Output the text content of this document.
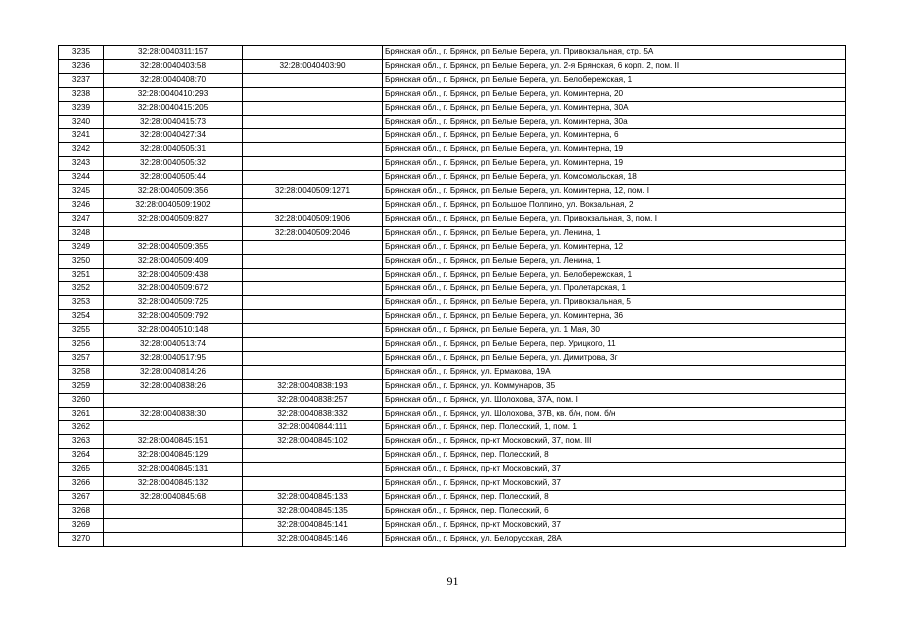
3235	32:28:0040311:157		Брянская обл., г. Брянск, рп Белые Берега, ул. Привокзальная, стр. 5А
3236	32:28:0040403:58	32:28:0040403:90	Брянская обл., г. Брянск, рп Белые Берега, ул. 2-я Брянская, 6 корп. 2, пом. II
3237	32:28:0040408:70		Брянская обл., г. Брянск, рп Белые Берега, ул. Белобережская, 1
3238	32:28:0040410:293		Брянская обл., г. Брянск, рп Белые Берега, ул. Коминтерна, 20
3239	32:28:0040415:205		Брянская обл., г. Брянск, рп Белые Берега, ул. Коминтерна, 30А
3240	32:28:0040415:73		Брянская обл., г. Брянск, рп Белые Берега, ул. Коминтерна, 30а
3241	32:28:0040427:34		Брянская обл., г. Брянск, рп Белые Берега, ул. Коминтерна, 6
3242	32:28:0040505:31		Брянская обл., г. Брянск, рп Белые Берега, ул. Коминтерна, 19
3243	32:28:0040505:32		Брянская обл., г. Брянск, рп Белые Берега, ул. Коминтерна, 19
3244	32:28:0040505:44		Брянская обл., г. Брянск, рп Белые Берега, ул. Комсомольская, 18
3245	32:28:0040509:356	32:28:0040509:1271	Брянская обл., г. Брянск, рп Белые Берега, ул. Коминтерна, 12, пом. I
3246	32:28:0040509:1902		Брянская обл., г. Брянск, рп Большое Полпино, ул. Вокзальная, 2
3247	32:28:0040509:827	32:28:0040509:1906	Брянская обл., г. Брянск, рп Белые Берега, ул. Привокзальная, 3, пом. I
3248		32:28:0040509:2046	Брянская обл., г. Брянск, рп Белые Берега, ул. Ленина, 1
3249	32:28:0040509:355		Брянская обл., г. Брянск, рп Белые Берега, ул. Коминтерна, 12
3250	32:28:0040509:409		Брянская обл., г. Брянск, рп Белые Берега, ул. Ленина, 1
3251	32:28:0040509:438		Брянская обл., г. Брянск, рп Белые Берега, ул. Белобережская, 1
3252	32:28:0040509:672		Брянская обл., г. Брянск, рп Белые Берега, ул. Пролетарская, 1
3253	32:28:0040509:725		Брянская обл., г. Брянск, рп Белые Берега, ул. Привокзальная, 5
3254	32:28:0040509:792		Брянская обл., г. Брянск, рп Белые Берега, ул. Коминтерна, 36
3255	32:28:0040510:148		Брянская обл., г. Брянск, рп Белые Берега, ул. 1 Мая, 30
3256	32:28:0040513:74		Брянская обл., г. Брянск, рп Белые Берега, пер. Урицкого, 11
3257	32:28:0040517:95		Брянская обл., г. Брянск, рп Белые Берега, ул. Димитрова, 3г
3258	32:28:0040814:26		Брянская обл., г. Брянск, ул. Ермакова, 19А
3259	32:28:0040838:26	32:28:0040838:193	Брянская обл., г. Брянск, ул. Коммунаров, 35
3260		32:28:0040838:257	Брянская обл., г. Брянск, ул. Шолохова, 37А, пом. I
3261	32:28:0040838:30	32:28:0040838:332	Брянская обл., г. Брянск, ул. Шолохова, 37В, кв. б/н, пом. б/н
3262		32:28:0040844:111	Брянская обл., г. Брянск, пер. Полесский, 1, пом. 1
3263	32:28:0040845:151	32:28:0040845:102	Брянская обл., г. Брянск, пр-кт Московский, 37, пом. III
3264	32:28:0040845:129		Брянская обл., г. Брянск, пер. Полесский, 8
3265	32:28:0040845:131		Брянская обл., г. Брянск, пр-кт Московский, 37
3266	32:28:0040845:132		Брянская обл., г. Брянск, пр-кт Московский, 37
3267	32:28:0040845:68	32:28:0040845:133	Брянская обл., г. Брянск, пер. Полесский, 8
3268		32:28:0040845:135	Брянская обл., г. Брянск, пер. Полесский, 6
3269		32:28:0040845:141	Брянская обл., г. Брянск, пр-кт Московский, 37
3270		32:28:0040845:146	Брянская обл., г. Брянск, ул. Белорусская, 28А
91
